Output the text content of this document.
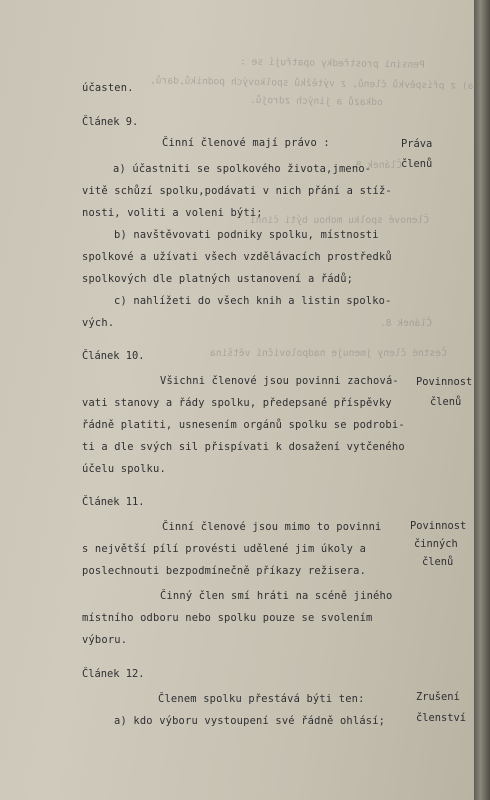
Pensini prostředky opatřují se :
a) z příspěvků členů, z výtěžků spolkových podniků,darů,
odkazů a jiných zdrojů.
Článek 8.
Členové spolku mohou býti činní
Článek 8.
Čestné členy jmenuje nadpoloviční většina
účasten.
Článek 9.
Činní členové mají právo :
a) účastniti se spolkového života,jmeno-
vitě schůzí spolku,podávati v nich přání a stíž-
nosti, voliti a voleni býti;
b) navštěvovati podniky spolku, místnosti
spolkové a užívati všech vzdělávacích prostředků
spolkových dle platných ustanovení a řádů;
c) nahlížeti do všech knih a listin spolko-
vých.
Článek 10.
Všichni členové jsou povinni zachová-
vati stanovy a řády spolku, předepsané příspěvky
řádně platiti, usnesením orgánů spolku se podrobi-
ti a dle svých sil přispívati k dosažení vytčeného
účelu spolku.
Článek 11.
Činní členové jsou mimo to povinni
s největší pílí provésti udělené jim úkoly a
poslechnouti bezpodmínečně příkazy režisera.
Činný člen smí hráti na scéně jiného
místního odboru nebo spolku pouze se svolením
výboru.
Článek 12.
Členem spolku přestává býti ten:
a) kdo výboru vystoupení své řádně ohlásí;
Práva
členů
Povinnost
členů
Povinnost
činných
členů
Zrušení
členství
